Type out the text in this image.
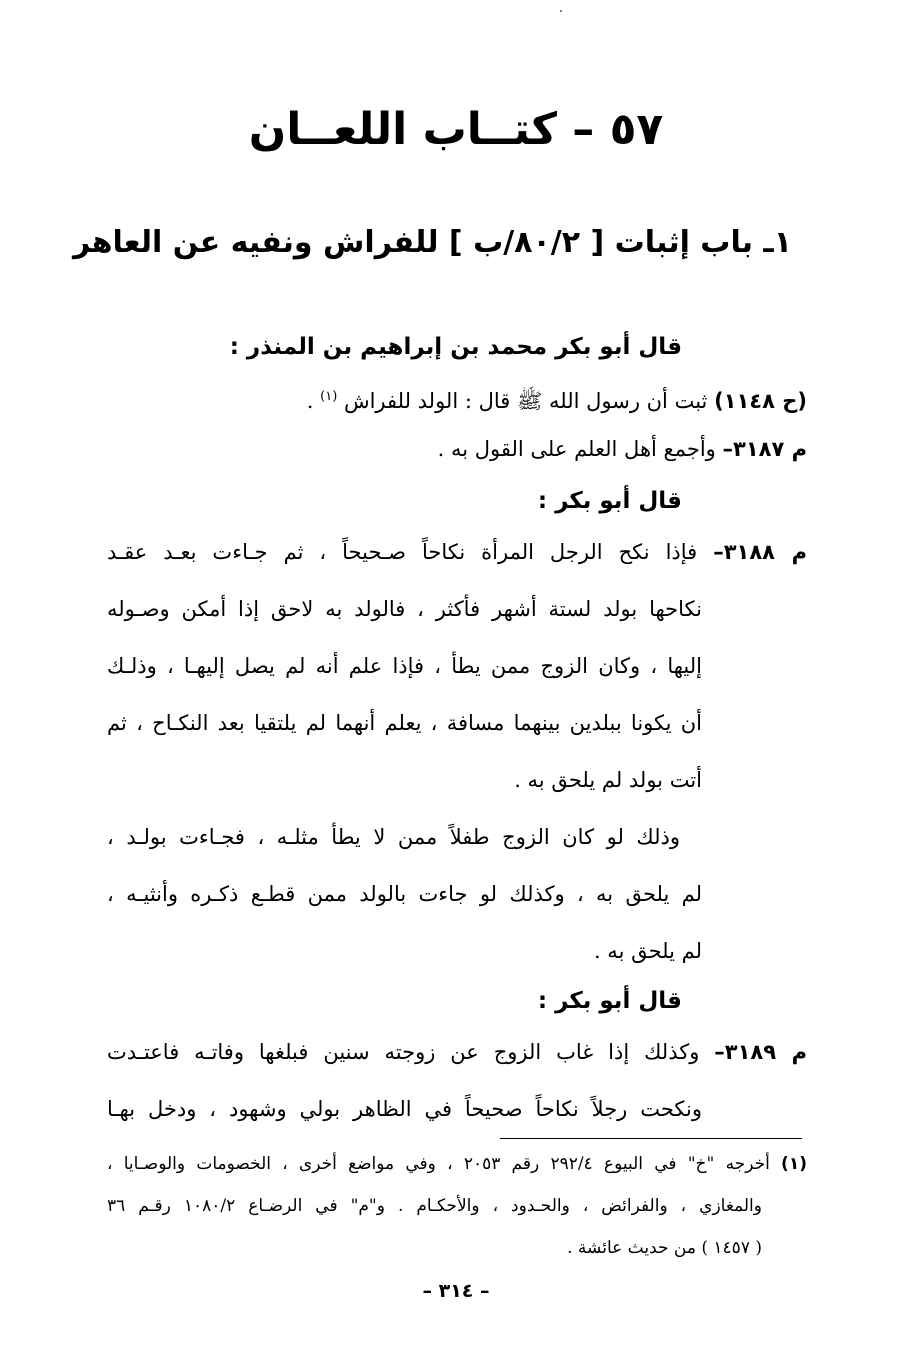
٥٧ – كتــاب اللعــان
١ـ باب إثبات [ ٨٠/٢/ب ] للفراش ونفيه عن العاهر
قال أبو بكر محمد بن إبراهيم بن المنذر :
(ح ١١٤٨) ثبت أن رسول الله ﷺ قال : الولد للفراش $^{(١)}$ .
م ٣١٨٧– وأجمع أهل العلم على القول به .
قال أبو بكر :
م ٣١٨٨– فإذا نكح الرجل المرأة نكاحاً صـحيحاً ، ثم جـاءت بعـد عقـد
نكاحها بولد لستة أشهر فأكثر ، فالولد به لاحق إذا أمكن وصـوله
إليها ، وكان الزوج ممن يطأ ، فإذا علم أنه لم يصل إليهـا ، وذلـك
أن يكونا ببلدين بينهما مسافة ، يعلم أنهما لم يلتقيا بعد النكـاح ، ثم
أتت بولد لم يلحق به .
وذلك لو كان الزوج طفلاً ممن لا يطأ مثلـه ، فجـاءت بولـد ،
لم يلحق به ، وكذلك لو جاءت بالولد ممن قطـع ذكـره وأنثيـه ،
لم يلحق به .
قال أبو بكر :
م ٣١٨٩– وكذلك إذا غاب الزوج عن زوجته سنين فبلغها وفاتـه فاعتـدت
ونكحت رجلاً نكاحاً صحيحاً في الظاهر بولي وشهود ، ودخل بهـا
(١) أخرجه "خ" في البيوع ٢٩٢/٤ رقم ٢٠٥٣ ، وفي مواضع أخرى ، الخصومات والوصـايا ،
والمغازي ، والفرائض ، والحـدود ، والأحكـام . و"م" في الرضـاع ١٠٨٠/٢ رقـم ٣٦
( ١٤٥٧ ) من حديث عائشة .
– ٣١٤ –
